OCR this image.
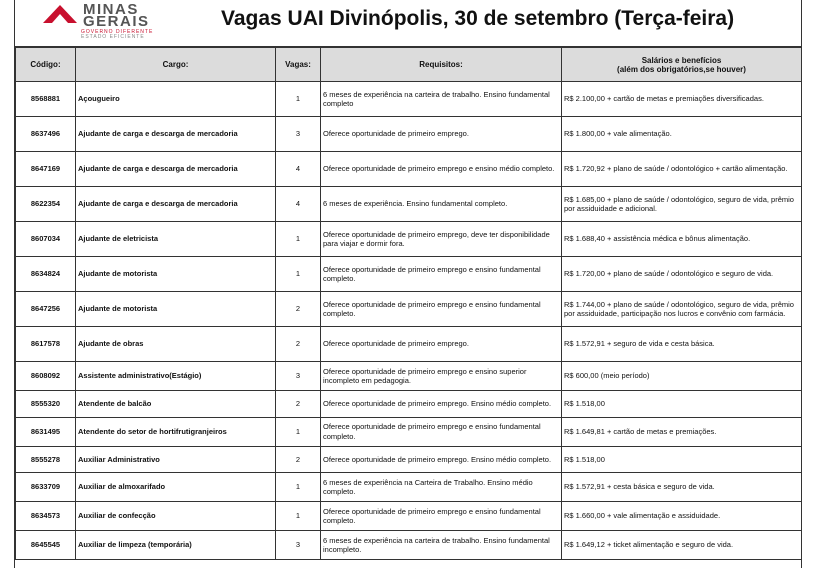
MINAS
GERAIS
GOVERNO DIFERENTE
ESTADO EFICIENTE
Vagas UAI Divinópolis, 30 de setembro (Terça-feira)
Código:	Cargo:	Vagas:	Requisitos:	Salários e benefícios
(além dos obrigatórios,se houver)

8568881	Açougueiro	1	6 meses de experiência na carteira de trabalho. Ensino fundamental completo	R$ 2.100,00 + cartão de metas e premiações diversificadas.
8637496	Ajudante de carga e descarga de mercadoria	3	Oferece oportunidade de primeiro emprego.	R$ 1.800,00 + vale alimentação.
8647169	Ajudante de carga e descarga de mercadoria	4	Oferece oportunidade de primeiro emprego e ensino médio completo.	R$ 1.720,92 + plano de saúde / odontológico + cartão alimentação.
8622354	Ajudante de carga e descarga de mercadoria	4	6 meses de experiência. Ensino fundamental completo.	R$ 1.685,00 + plano de saúde / odontológico, seguro de vida, prêmio por assiduidade e adicional.
8607034	Ajudante de eletricista	1	Oferece oportunidade de primeiro emprego, deve ter disponibilidade para viajar e dormir fora.	R$ 1.688,40 + assistência médica e bônus alimentação.
8634824	Ajudante de motorista	1	Oferece oportunidade de primeiro emprego e ensino fundamental completo.	R$ 1.720,00 + plano de saúde / odontológico e seguro de vida.
8647256	Ajudante de motorista	2	Oferece oportunidade de primeiro emprego e ensino fundamental completo.	R$ 1.744,00 + plano de saúde / odontológico, seguro de vida, prêmio por assiduidade, participação nos lucros e convênio com farmácia.
8617578	Ajudante de obras	2	Oferece oportunidade de primeiro emprego.	R$ 1.572,91 + seguro de vida e cesta básica.
8608092	Assistente administrativo(Estágio)	3	Oferece oportunidade de primeiro emprego e ensino superior incompleto em pedagogia.	R$ 600,00 (meio período)
8555320	Atendente de balcão	2	Oferece oportunidade de primeiro emprego. Ensino médio completo.	R$ 1.518,00
8631495	Atendente do setor de hortifrutigranjeiros	1	Oferece oportunidade de primeiro emprego e ensino fundamental completo.	R$ 1.649,81 + cartão de metas e premiações.
8555278	Auxiliar Administrativo	2	Oferece oportunidade de primeiro emprego. Ensino médio completo.	R$ 1.518,00
8633709	Auxiliar de almoxarifado	1	6 meses de experiência na Carteira de Trabalho. Ensino médio completo.	R$ 1.572,91 + cesta básica e seguro de vida.
8634573	Auxiliar de confecção	1	Oferece oportunidade de primeiro emprego e ensino fundamental completo.	R$ 1.660,00 + vale alimentação e assiduidade.
8645545	Auxiliar de limpeza (temporária)	3	6 meses de experiência na carteira de trabalho. Ensino fundamental incompleto.	R$ 1.649,12 + ticket alimentação e seguro de vida.
